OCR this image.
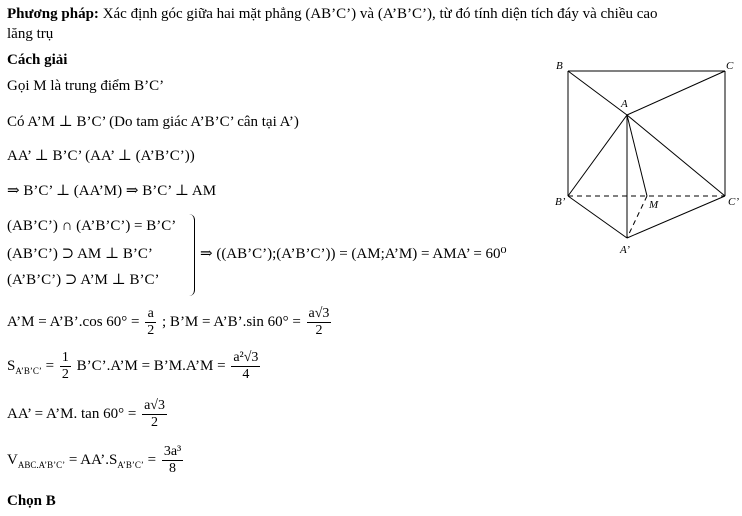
Phương pháp: Xác định góc giữa hai mặt phẳng (AB’C’) và (A’B’C’), từ đó tính diện tích đáy và chiều cao
lăng trụ
Cách giải
Gọi M là trung điểm B’C’
Có A’M ⊥ B’C’ (Do tam giác A’B’C’ cân tại A’)
AA’ ⊥ B’C’ (AA’ ⊥ (A’B’C’))
⇒ B’C’ ⊥ (AA’M) ⇒ B’C’ ⊥ AM
(AB’C’) ∩ (A’B’C’) = B’C’
(AB’C’) ⊃ AM ⊥ B’C’
(A’B’C’) ⊃ A’M ⊥ B’C’
⇒ ((AB’C’);(A’B’C’)) = (AM;A’M) = AMA’ = 60⁰
A’M = A’B’.cos $60^\circ = \frac{a}{2}$ ; B’M = A’B’.sin $60^\circ = \frac{a√3}{2}$
$S_{A’B’C’} = \frac{1}{2}$ B’C’.A’M = B’M.A’M = $\frac{\text{a²√3}}{4}$
AA’ = A’M. $\tan 60^\circ = \frac{a√3}{2}$
$V_{ABC.A’B’C’}$ = $AA’.S_{A’B’C’} = \frac{\text{3a³}}{8}$
Chọn B
B	C
A
B’	C’
M
A’
